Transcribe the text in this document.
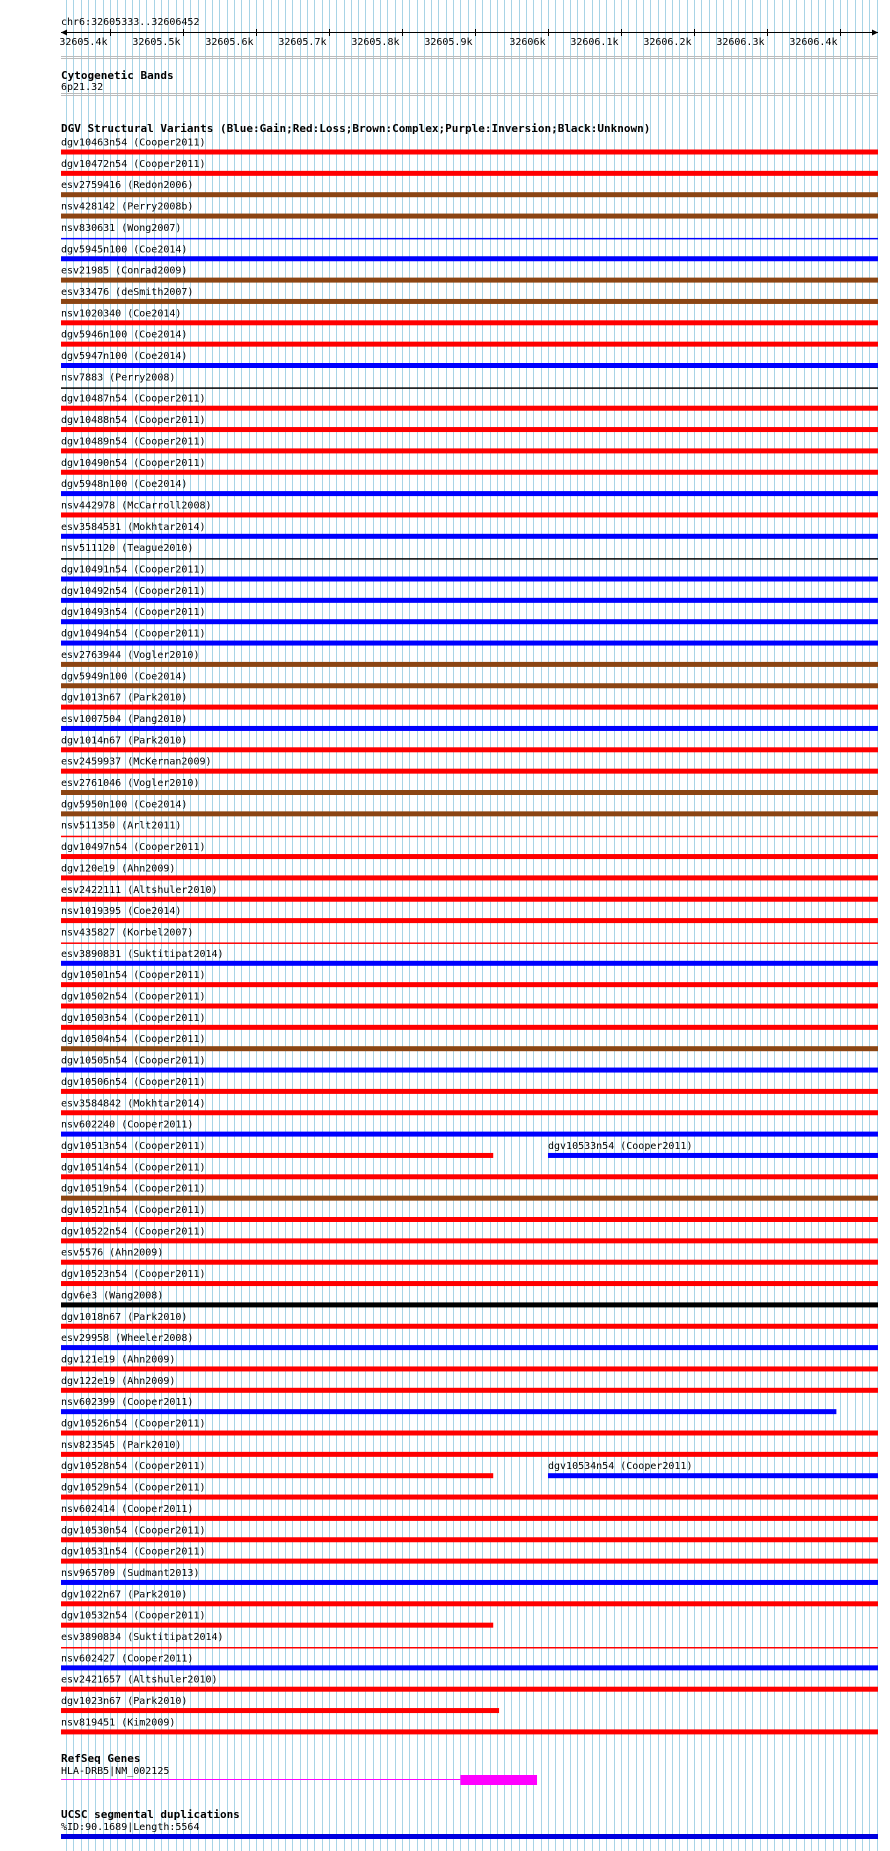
chr6:32605333..32606452
32605.4k 32605.5k 32605.6k 32605.7k 32605.8k 32605.9k	32606k 32606.1k 32606.2k 32606.3k 32606.4k
Cytogenetic Bands
6p21.32
DGV Structural Variants (Blue:Gain;Red:Loss;Brown:Complex;Purple:Inversion;Black:Unknown)
dgv10463n54 (Cooper2011)
dgv10472n54 (Cooper2011)
esv2759416 (Redon2006)
nsv428142 (Perry2008b)
nsv830631 (Wong2007)
dgv5945n100 (Coe2014)
esv21985 (Conrad2009)
esv33476 (deSmith2007)
nsv1020340 (Coe2014)
dgv5946n100 (Coe2014)
dgv5947n100 (Coe2014)
nsv7883 (Perry2008)
dgv10487n54 (Cooper2011)
dgv10488n54 (Cooper2011)
dgv10489n54 (Cooper2011)
dgv10490n54 (Cooper2011)
dgv5948n100 (Coe2014)
nsv442978 (McCarroll2008)
esv3584531 (Mokhtar2014)
nsv511120 (Teague2010)
dgv10491n54 (Cooper2011)
dgv10492n54 (Cooper2011)
dgv10493n54 (Cooper2011)
dgv10494n54 (Cooper2011)
esv2763944 (Vogler2010)
dgv5949n100 (Coe2014)
dgv1013n67 (Park2010)
esv1007504 (Pang2010)
dgv1014n67 (Park2010)
esv2459937 (McKernan2009)
esv2761046 (Vogler2010)
dgv5950n100 (Coe2014)
nsv511350 (Arlt2011)
dgv10497n54 (Cooper2011)
dgv120e19 (Ahn2009)
esv2422111 (Altshuler2010)
nsv1019395 (Coe2014)
nsv435827 (Korbel2007)
esv3890831 (Suktitipat2014)
dgv10501n54 (Cooper2011)
dgv10502n54 (Cooper2011)
dgv10503n54 (Cooper2011)
dgv10504n54 (Cooper2011)
dgv10505n54 (Cooper2011)
dgv10506n54 (Cooper2011)
esv3584842 (Mokhtar2014)
nsv602240 (Cooper2011)
dgv10513n54 (Cooper2011)	dgv10533n54 (Cooper2011)
dgv10514n54 (Cooper2011)
dgv10519n54 (Cooper2011)
dgv10521n54 (Cooper2011)
dgv10522n54 (Cooper2011)
esv5576 (Ahn2009)
dgv10523n54 (Cooper2011)
dgv6e3 (Wang2008)
dgv1018n67 (Park2010)
esv29958 (Wheeler2008)
dgv121e19 (Ahn2009)
dgv122e19 (Ahn2009)
nsv602399 (Cooper2011)
dgv10526n54 (Cooper2011)
nsv823545 (Park2010)
dgv10528n54 (Cooper2011)	dgv10534n54 (Cooper2011)
dgv10529n54 (Cooper2011)
nsv602414 (Cooper2011)
dgv10530n54 (Cooper2011)
dgv10531n54 (Cooper2011)
nsv965709 (Sudmant2013)
dgv1022n67 (Park2010)
dgv10532n54 (Cooper2011)
esv3890834 (Suktitipat2014)
nsv602427 (Cooper2011)
esv2421657 (Altshuler2010)
dgv1023n67 (Park2010)
nsv819451 (Kim2009)
RefSeq Genes
HLA-DRB5|NM_002125
UCSC segmental duplications
%ID:90.1689|Length:5564
